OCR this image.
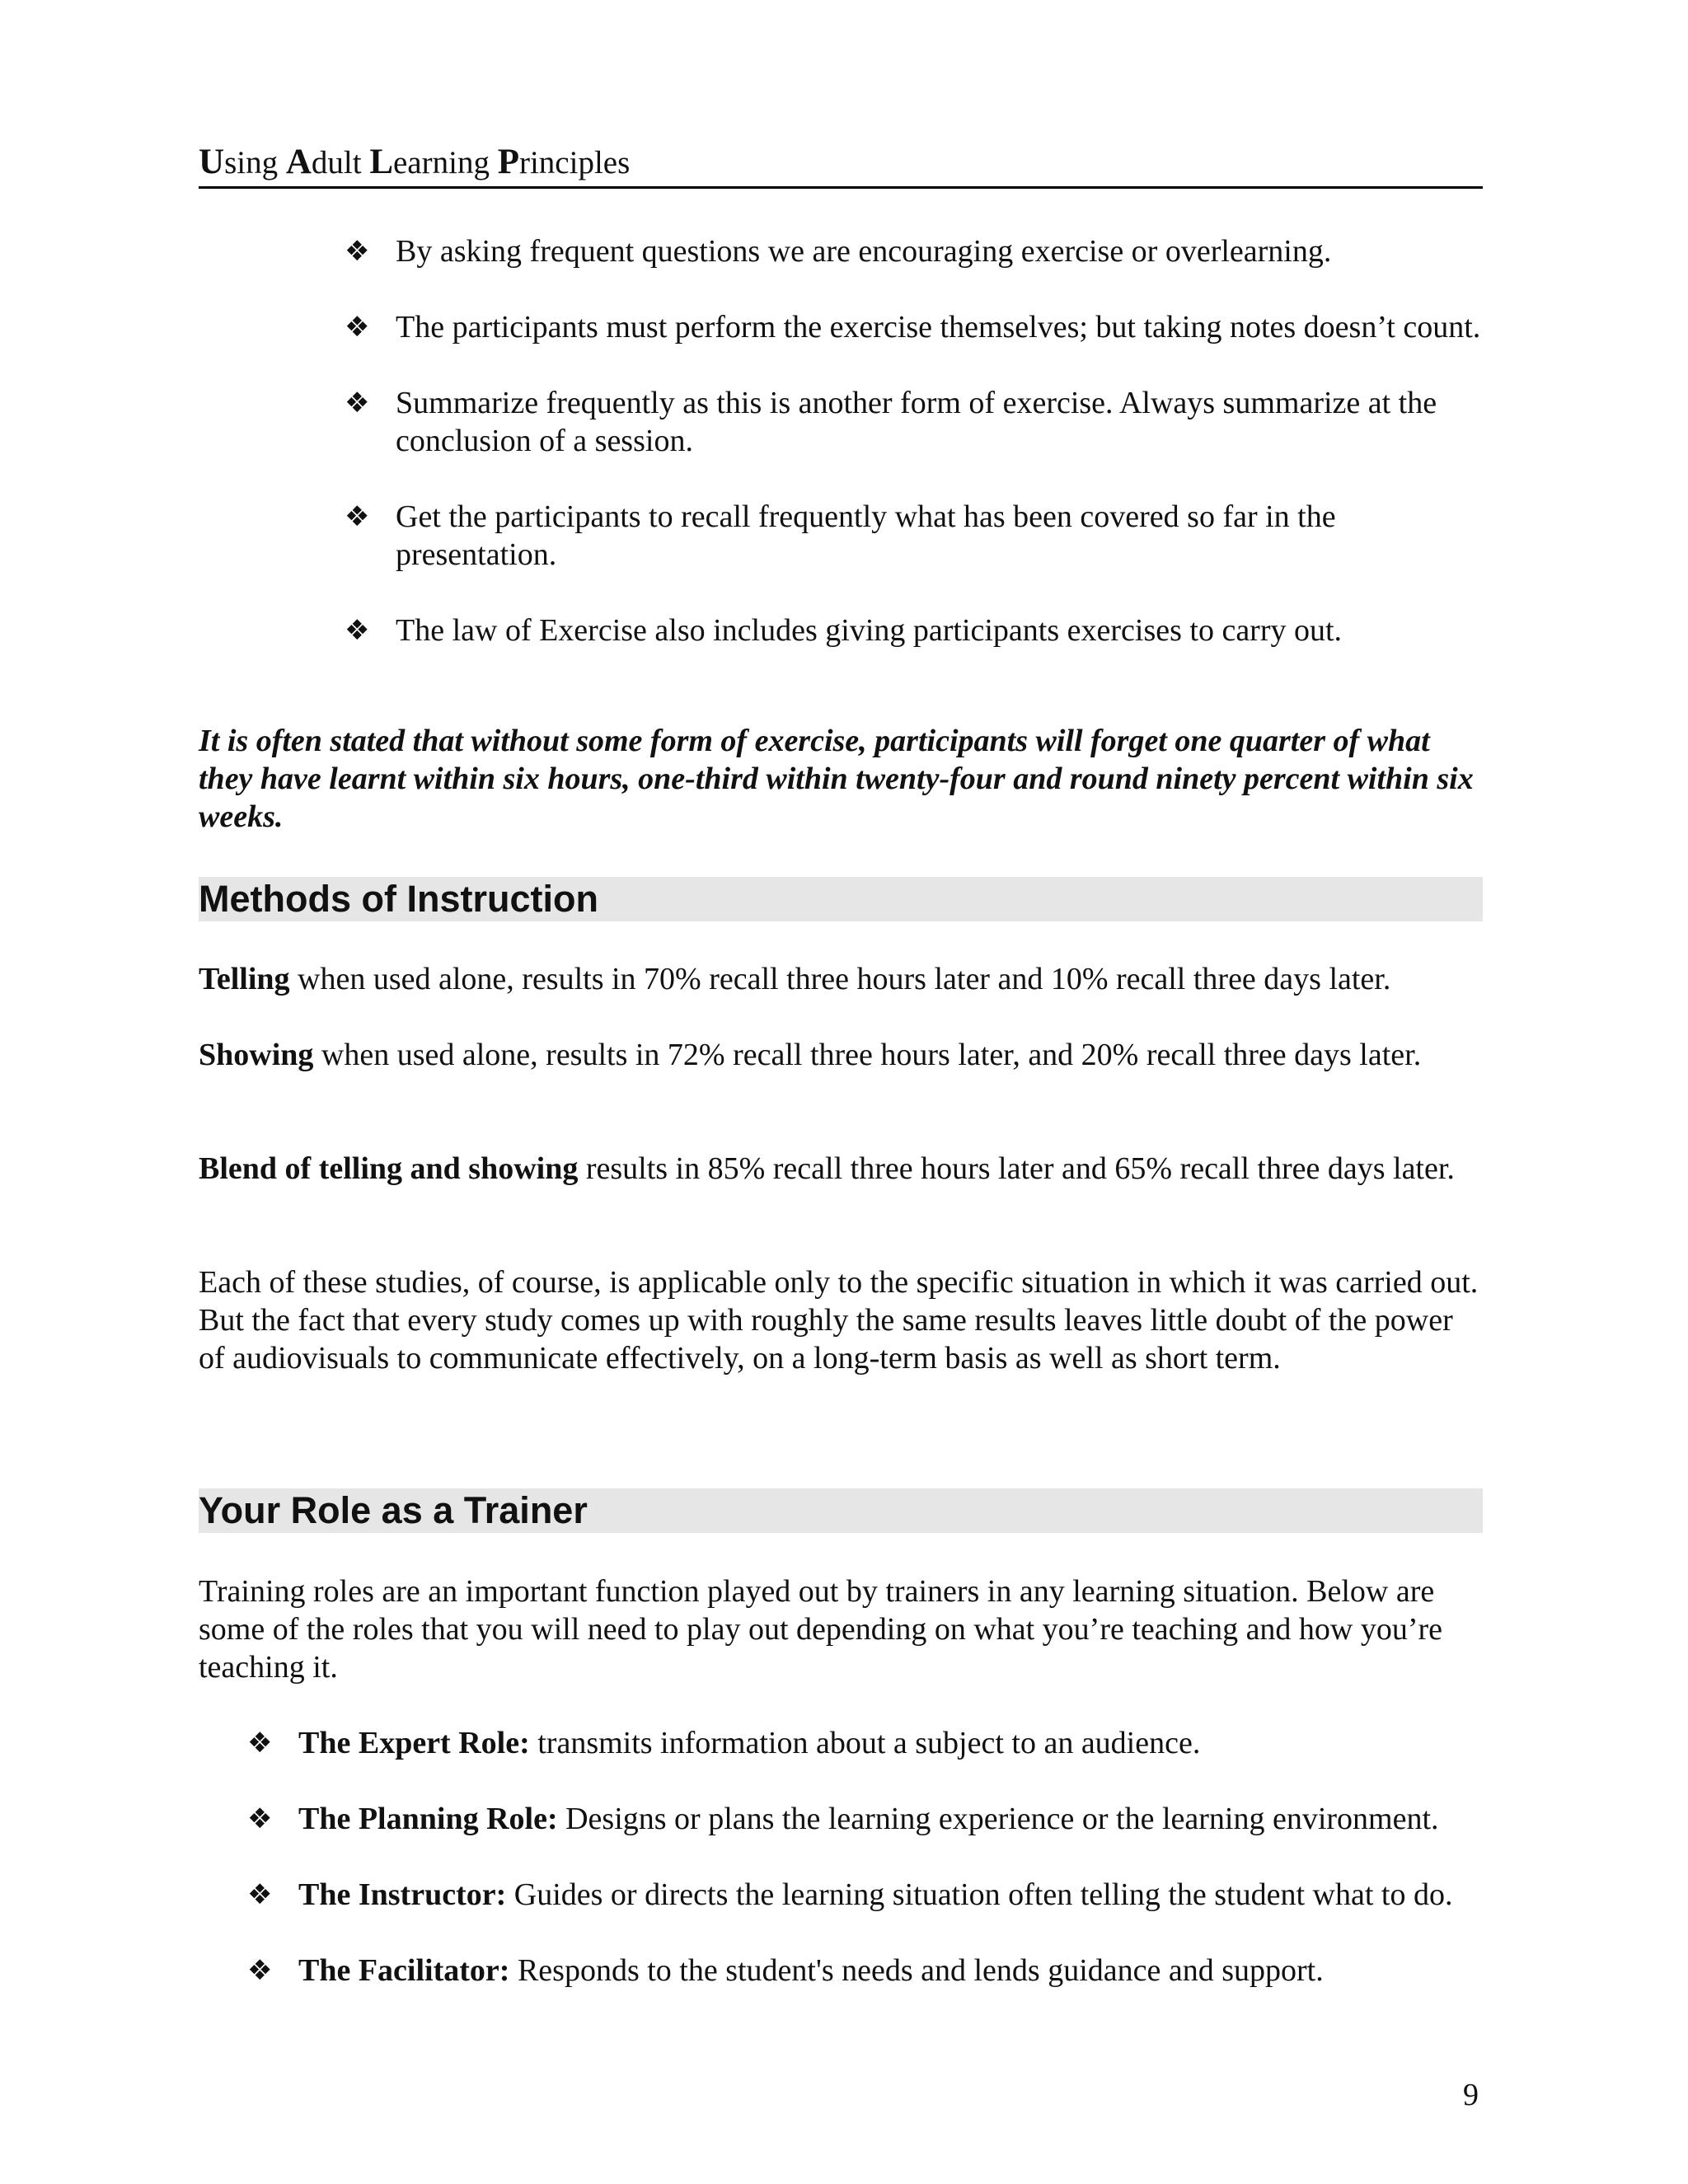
Using Adult Learning Principles
❖ By asking frequent questions we are encouraging exercise or overlearning.
❖ The participants must perform the exercise themselves; but taking notes doesn’t count.
❖ Summarize frequently as this is another form of exercise. Always summarize at the conclusion of a session.
❖ Get the participants to recall frequently what has been covered so far in the presentation.
❖ The law of Exercise also includes giving participants exercises to carry out.
It is often stated that without some form of exercise, participants will forget one quarter of what they have learnt within six hours, one-third within twenty-four and round ninety percent within six weeks.
Methods of Instruction
Telling when used alone, results in 70% recall three hours later and 10% recall three days later.
Showing when used alone, results in 72% recall three hours later, and 20% recall three days later.
Blend of telling and showing results in 85% recall three hours later and 65% recall three days later.
Each of these studies, of course, is applicable only to the specific situation in which it was carried out. But the fact that every study comes up with roughly the same results leaves little doubt of the power of audiovisuals to communicate effectively, on a long-term basis as well as short term.
Your Role as a Trainer
Training roles are an important function played out by trainers in any learning situation. Below are some of the roles that you will need to play out depending on what you’re teaching and how you’re teaching it.
❖ The Expert Role: transmits information about a subject to an audience.
❖ The Planning Role: Designs or plans the learning experience or the learning environment.
❖ The Instructor: Guides or directs the learning situation often telling the student what to do.
❖ The Facilitator: Responds to the student's needs and lends guidance and support.
9
